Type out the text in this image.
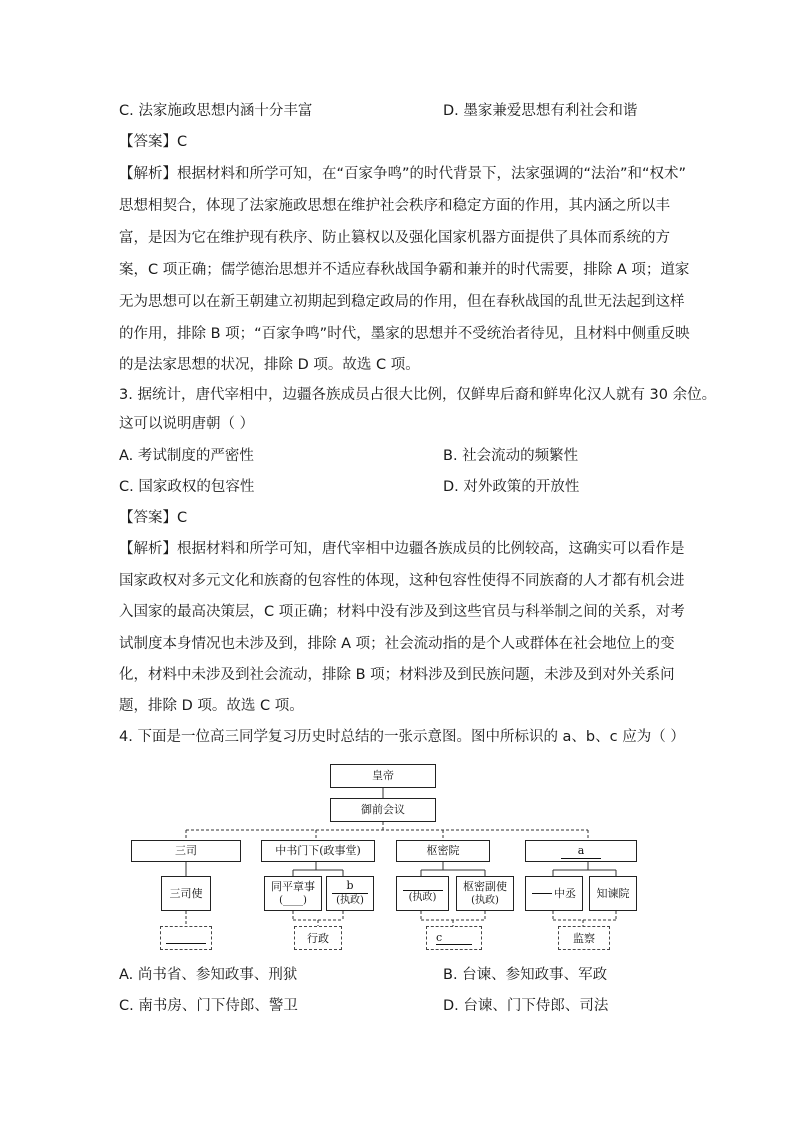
C. 法家施政思想内涵十分丰富	D. 墨家兼爱思想有利社会和谐
【答案】C
【解析】根据材料和所学可知，在“百家争鸣”的时代背景下，法家强调的“法治”和“权术”
思想相契合，体现了法家施政思想在维护社会秩序和稳定方面的作用，其内涵之所以丰
富，是因为它在维护现有秩序、防止篡权以及强化国家机器方面提供了具体而系统的方
案，C 项正确；儒学德治思想并不适应春秋战国争霸和兼并的时代需要，排除 A 项；道家
无为思想可以在新王朝建立初期起到稳定政局的作用，但在春秋战国的乱世无法起到这样
的作用，排除 B 项；“百家争鸣”时代，墨家的思想并不受统治者待见，且材料中侧重反映
的是法家思想的状况，排除 D 项。故选 C 项。
3. 据统计，唐代宰相中，边疆各族成员占很大比例，仅鲜卑后裔和鲜卑化汉人就有 30 余位。
这可以说明唐朝（ ）
A. 考试制度的严密性	B. 社会流动的频繁性
C. 国家政权的包容性	D. 对外政策的开放性
【答案】C
【解析】根据材料和所学可知，唐代宰相中边疆各族成员的比例较高，这确实可以看作是
国家政权对多元文化和族裔的包容性的体现，这种包容性使得不同族裔的人才都有机会进
入国家的最高决策层，C 项正确；材料中没有涉及到这些官员与科举制之间的关系，对考
试制度本身情况也未涉及到，排除 A 项；社会流动指的是个人或群体在社会地位上的变
化，材料中未涉及到社会流动，排除 B 项；材料涉及到民族问题，未涉及到对外关系问
题，排除 D 项。故选 C 项。
4. 下面是一位高三同学复习历史时总结的一张示意图。图中所标识的 a、b、c 应为（ ）
皇帝
御前会议
三司	中书门下(政事堂)	枢密院	a
三司使
同平章事
(____)
b
(执政)	(执政)
枢密副使
(执政)
中丞	知谏院
行政	c	监察
A. 尚书省、参知政事、刑狱	B. 台谏、参知政事、军政
C. 南书房、门下侍郎、警卫	D. 台谏、门下侍郎、司法
